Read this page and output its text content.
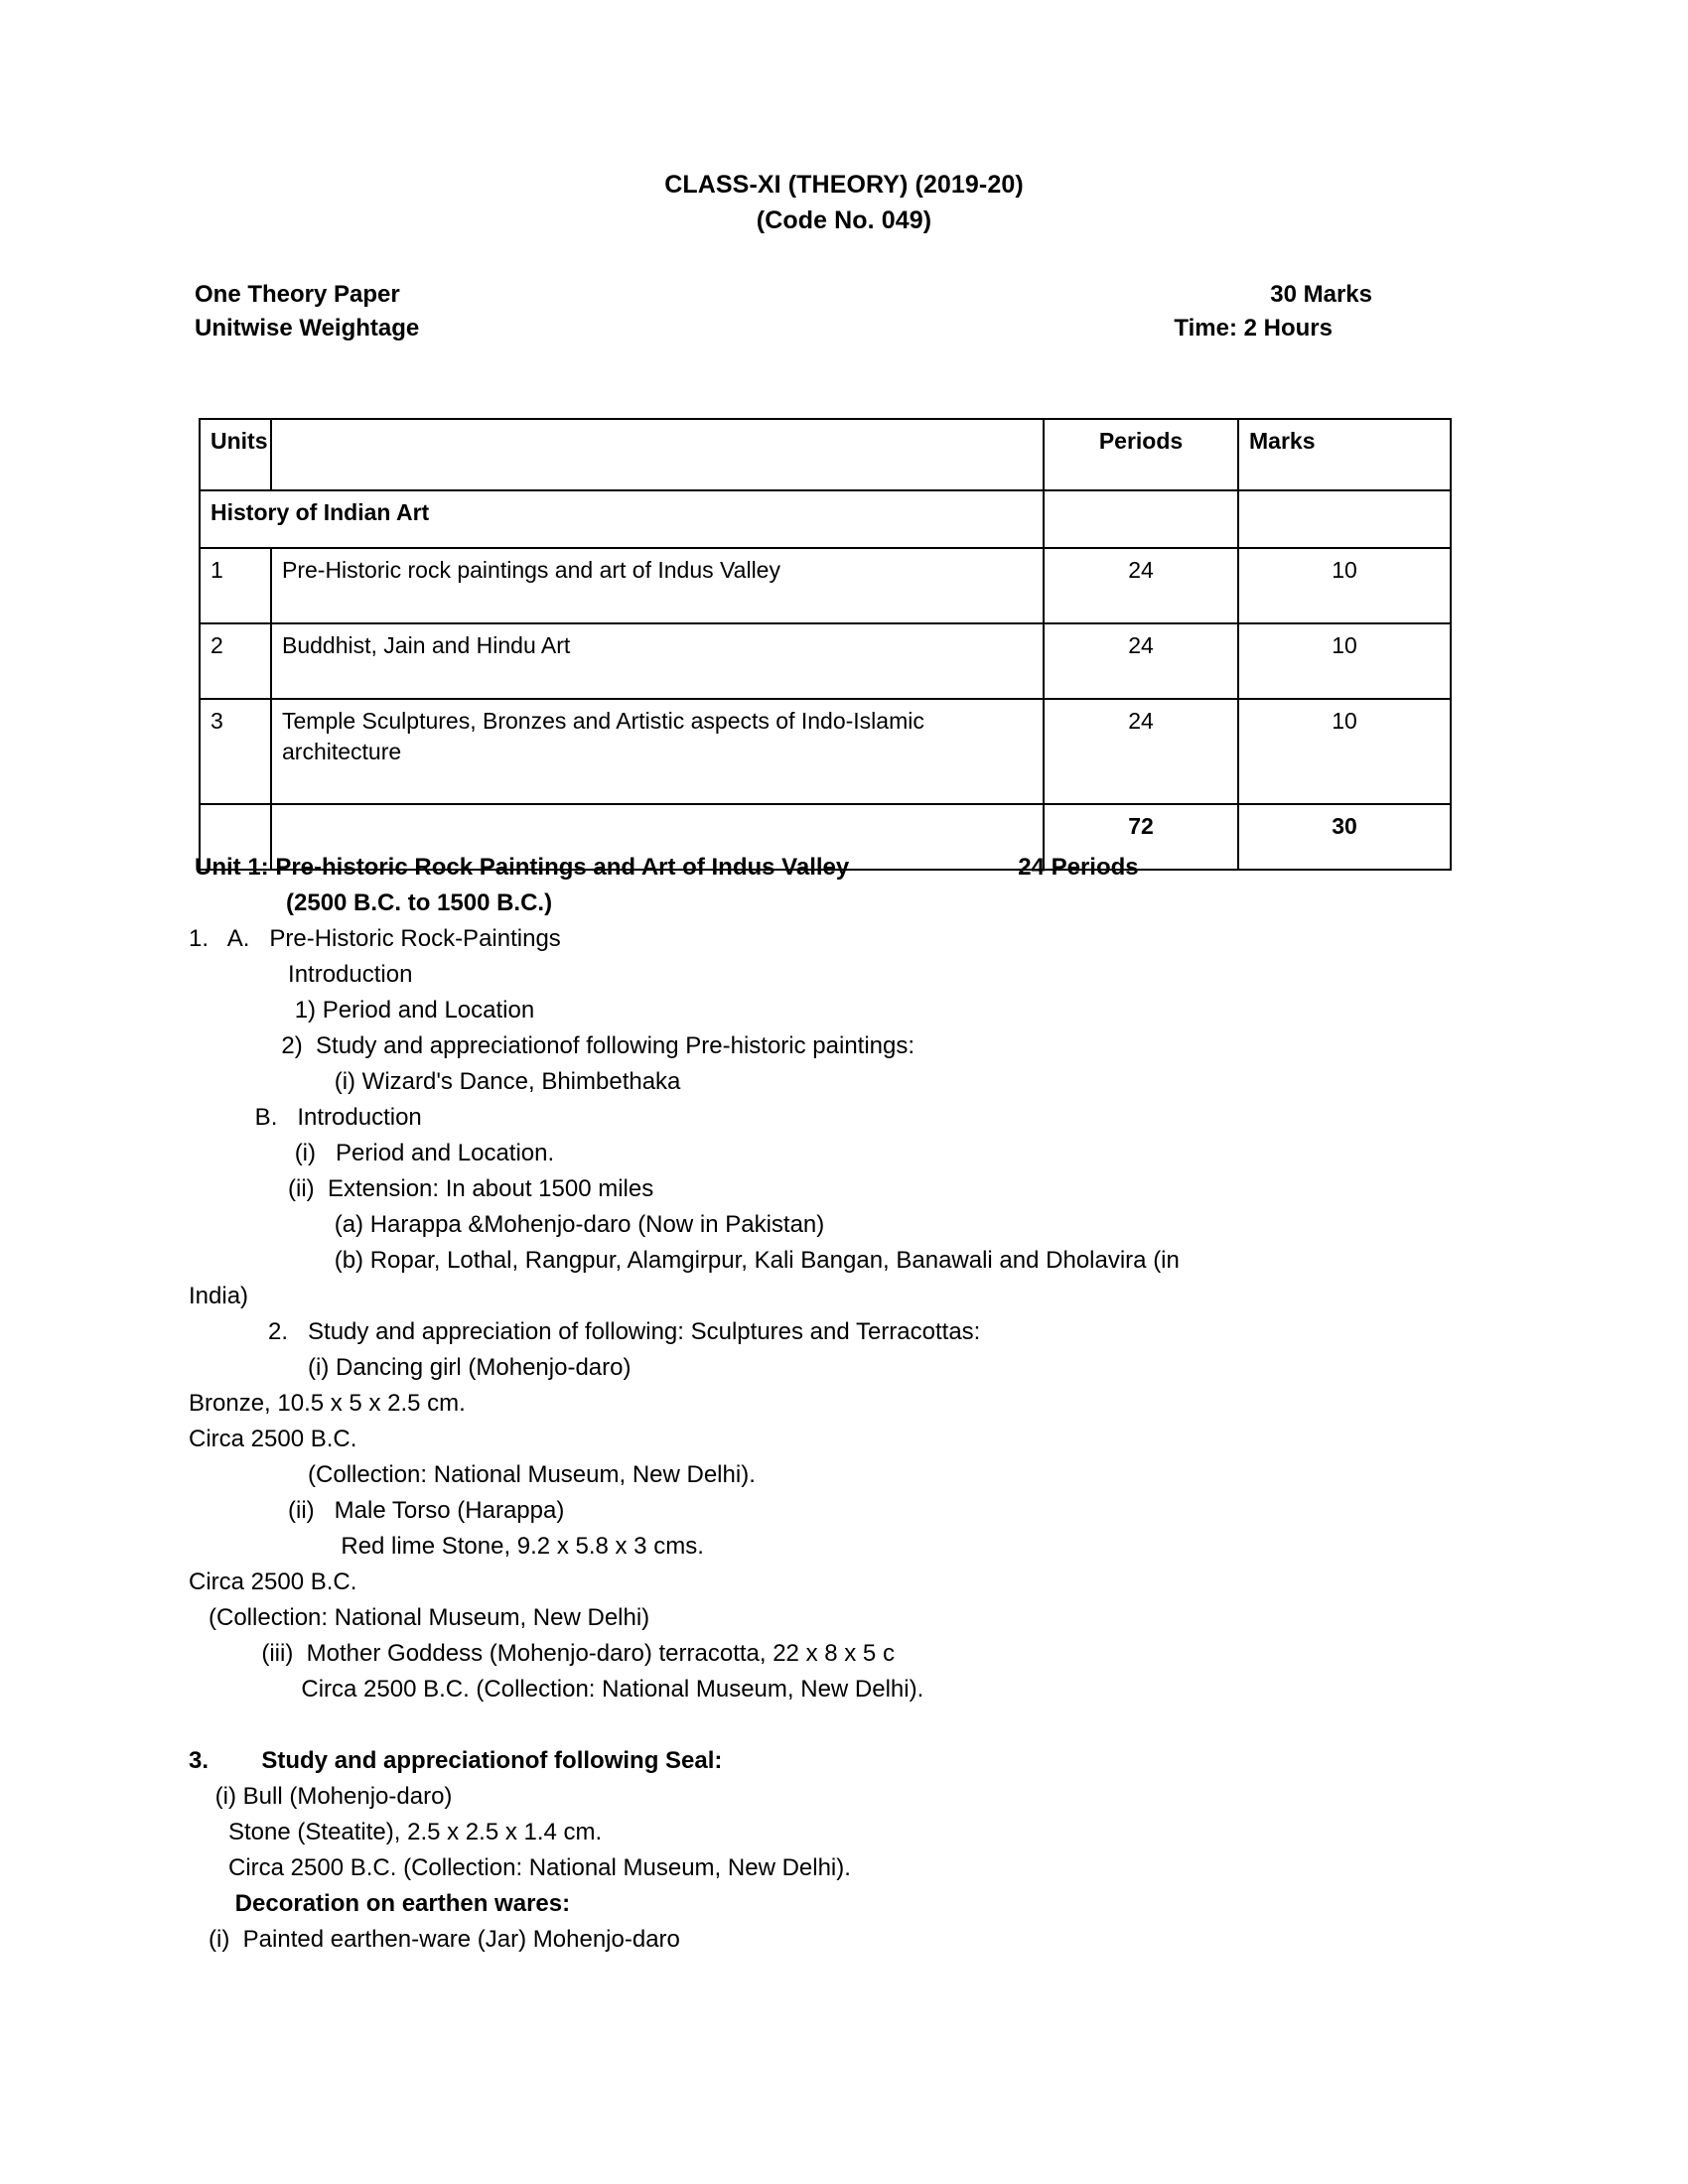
CLASS-XI (THEORY) (2019-20)
(Code No. 049)
One Theory Paper	30 Marks
Unitwise Weightage	Time: 2 Hours
Units		Periods	Marks
History of Indian Art			
1	Pre-Historic rock paintings and art of Indus Valley	24	10
2	Buddhist, Jain and Hindu Art	24	10
3	Temple Sculptures, Bronzes and Artistic aspects of Indo-Islamic architecture	24	10
		72	30
Unit 1: Pre-historic Rock Paintings and Art of Indus Valley	24 Periods
(2500 B.C. to 1500 B.C.)
1.   A.   Pre-Historic Rock-Paintings
Introduction
1) Period and Location
2)  Study and appreciationof following Pre-historic paintings:
(i) Wizard's Dance, Bhimbethaka
B.   Introduction
(i)   Period and Location.
(ii)  Extension: In about 1500 miles
(a) Harappa &Mohenjo-daro (Now in Pakistan)
(b) Ropar, Lothal, Rangpur, Alamgirpur, Kali Bangan, Banawali and Dholavira (in
India)
2.   Study and appreciation of following: Sculptures and Terracottas:
(i) Dancing girl (Mohenjo-daro)
Bronze, 10.5 x 5 x 2.5 cm.
Circa 2500 B.C.
(Collection: National Museum, New Delhi).
(ii)   Male Torso (Harappa)
Red lime Stone, 9.2 x 5.8 x 3 cms.
Circa 2500 B.C.
(Collection: National Museum, New Delhi)
(iii)  Mother Goddess (Mohenjo-daro) terracotta, 22 x 8 x 5 c
Circa 2500 B.C. (Collection: National Museum, New Delhi).
3.        Study and appreciationof following Seal:
(i) Bull (Mohenjo-daro)
Stone (Steatite), 2.5 x 2.5 x 1.4 cm.
Circa 2500 B.C. (Collection: National Museum, New Delhi).
Decoration on earthen wares:
(i)  Painted earthen-ware (Jar) Mohenjo-daro
